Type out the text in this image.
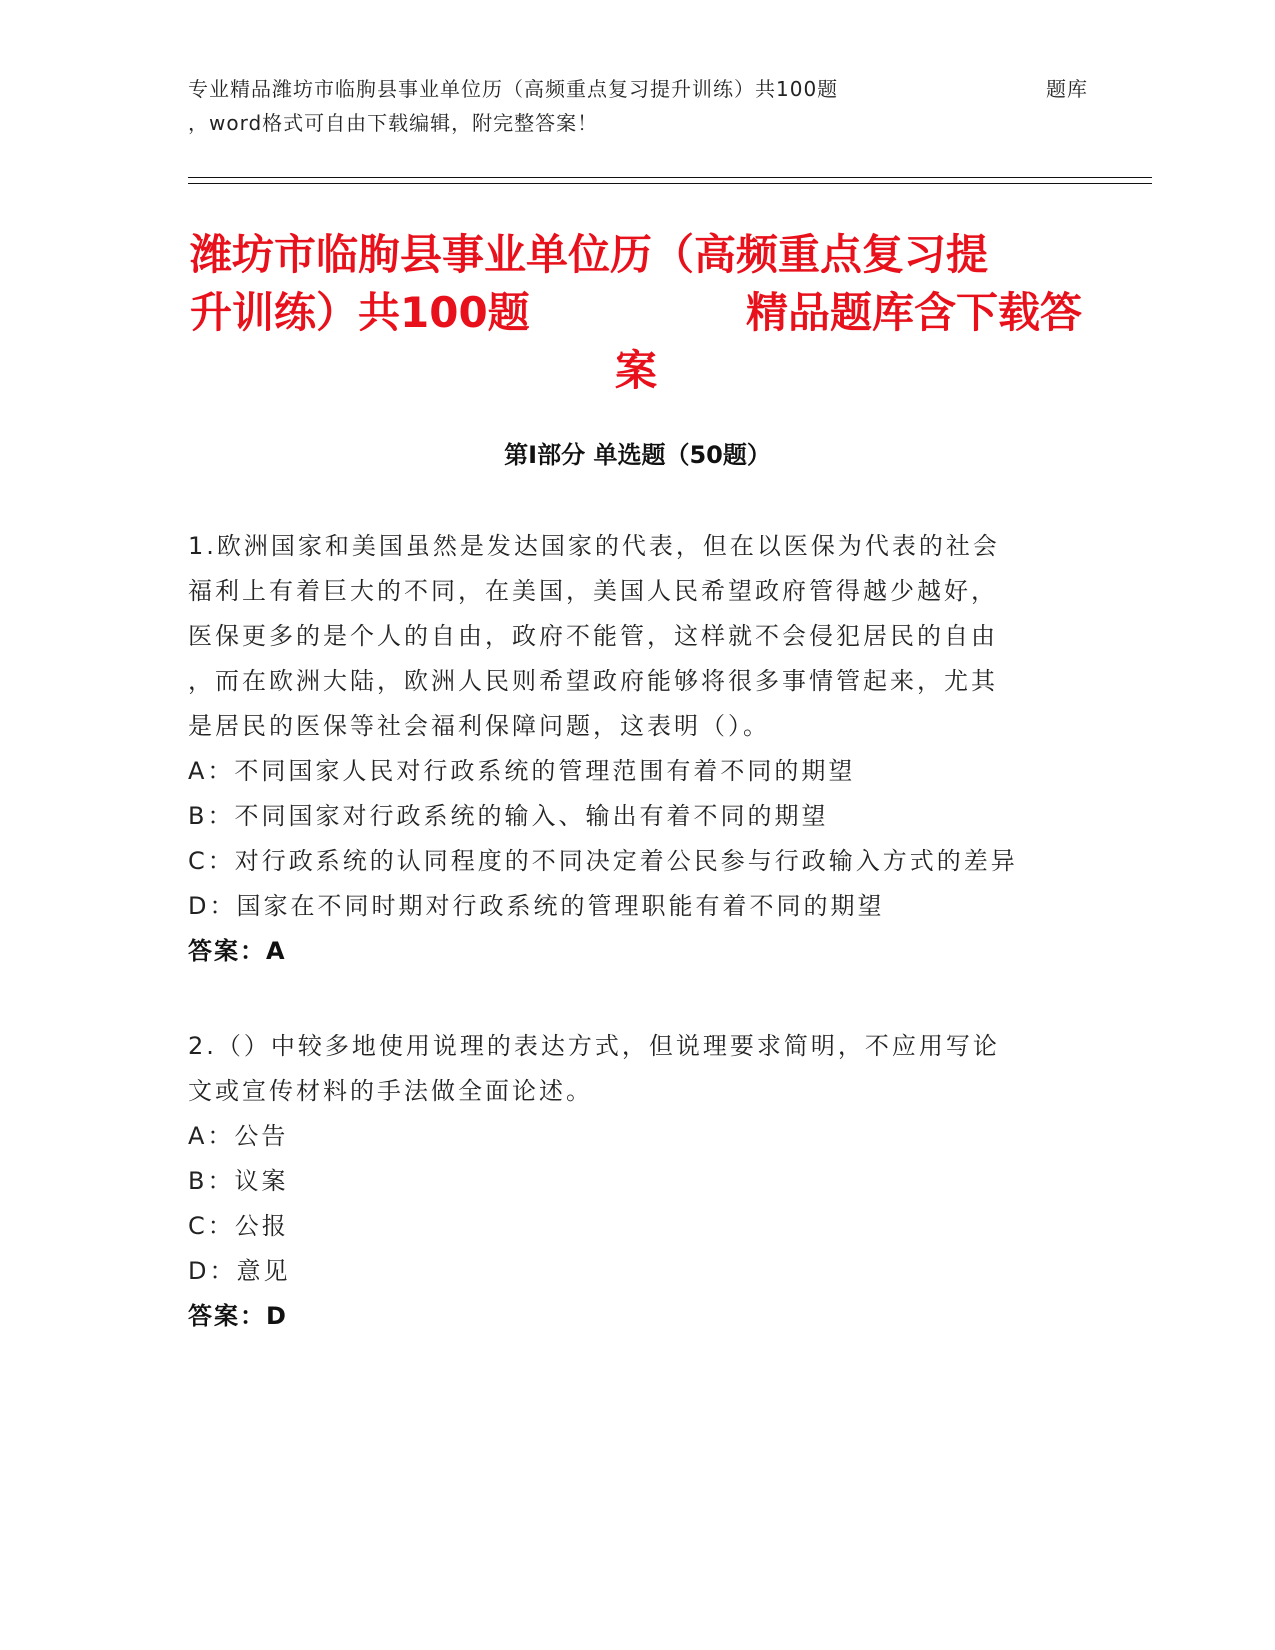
专业精品潍坊市临朐县事业单位历（高频重点复习提升训练）共100题	题库
，word格式可自由下载编辑，附完整答案！
潍坊市临朐县事业单位历（高频重点复习提
升训练）共100题	精品题库含下载答
案
第Ⅰ部分 单选题（50题）
1.欧洲国家和美国虽然是发达国家的代表，但在以医保为代表的社会
福利上有着巨大的不同，在美国，美国人民希望政府管得越少越好，
医保更多的是个人的自由，政府不能管，这样就不会侵犯居民的自由
，而在欧洲大陆，欧洲人民则希望政府能够将很多事情管起来，尤其
是居民的医保等社会福利保障问题，这表明（）。
A：不同国家人民对行政系统的管理范围有着不同的期望
B：不同国家对行政系统的输入、输出有着不同的期望
C：对行政系统的认同程度的不同决定着公民参与行政输入方式的差异
D：国家在不同时期对行政系统的管理职能有着不同的期望
答案：A
2.（）中较多地使用说理的表达方式，但说理要求简明，不应用写论
文或宣传材料的手法做全面论述。
A：公告
B：议案
C：公报
D：意见
答案：D
